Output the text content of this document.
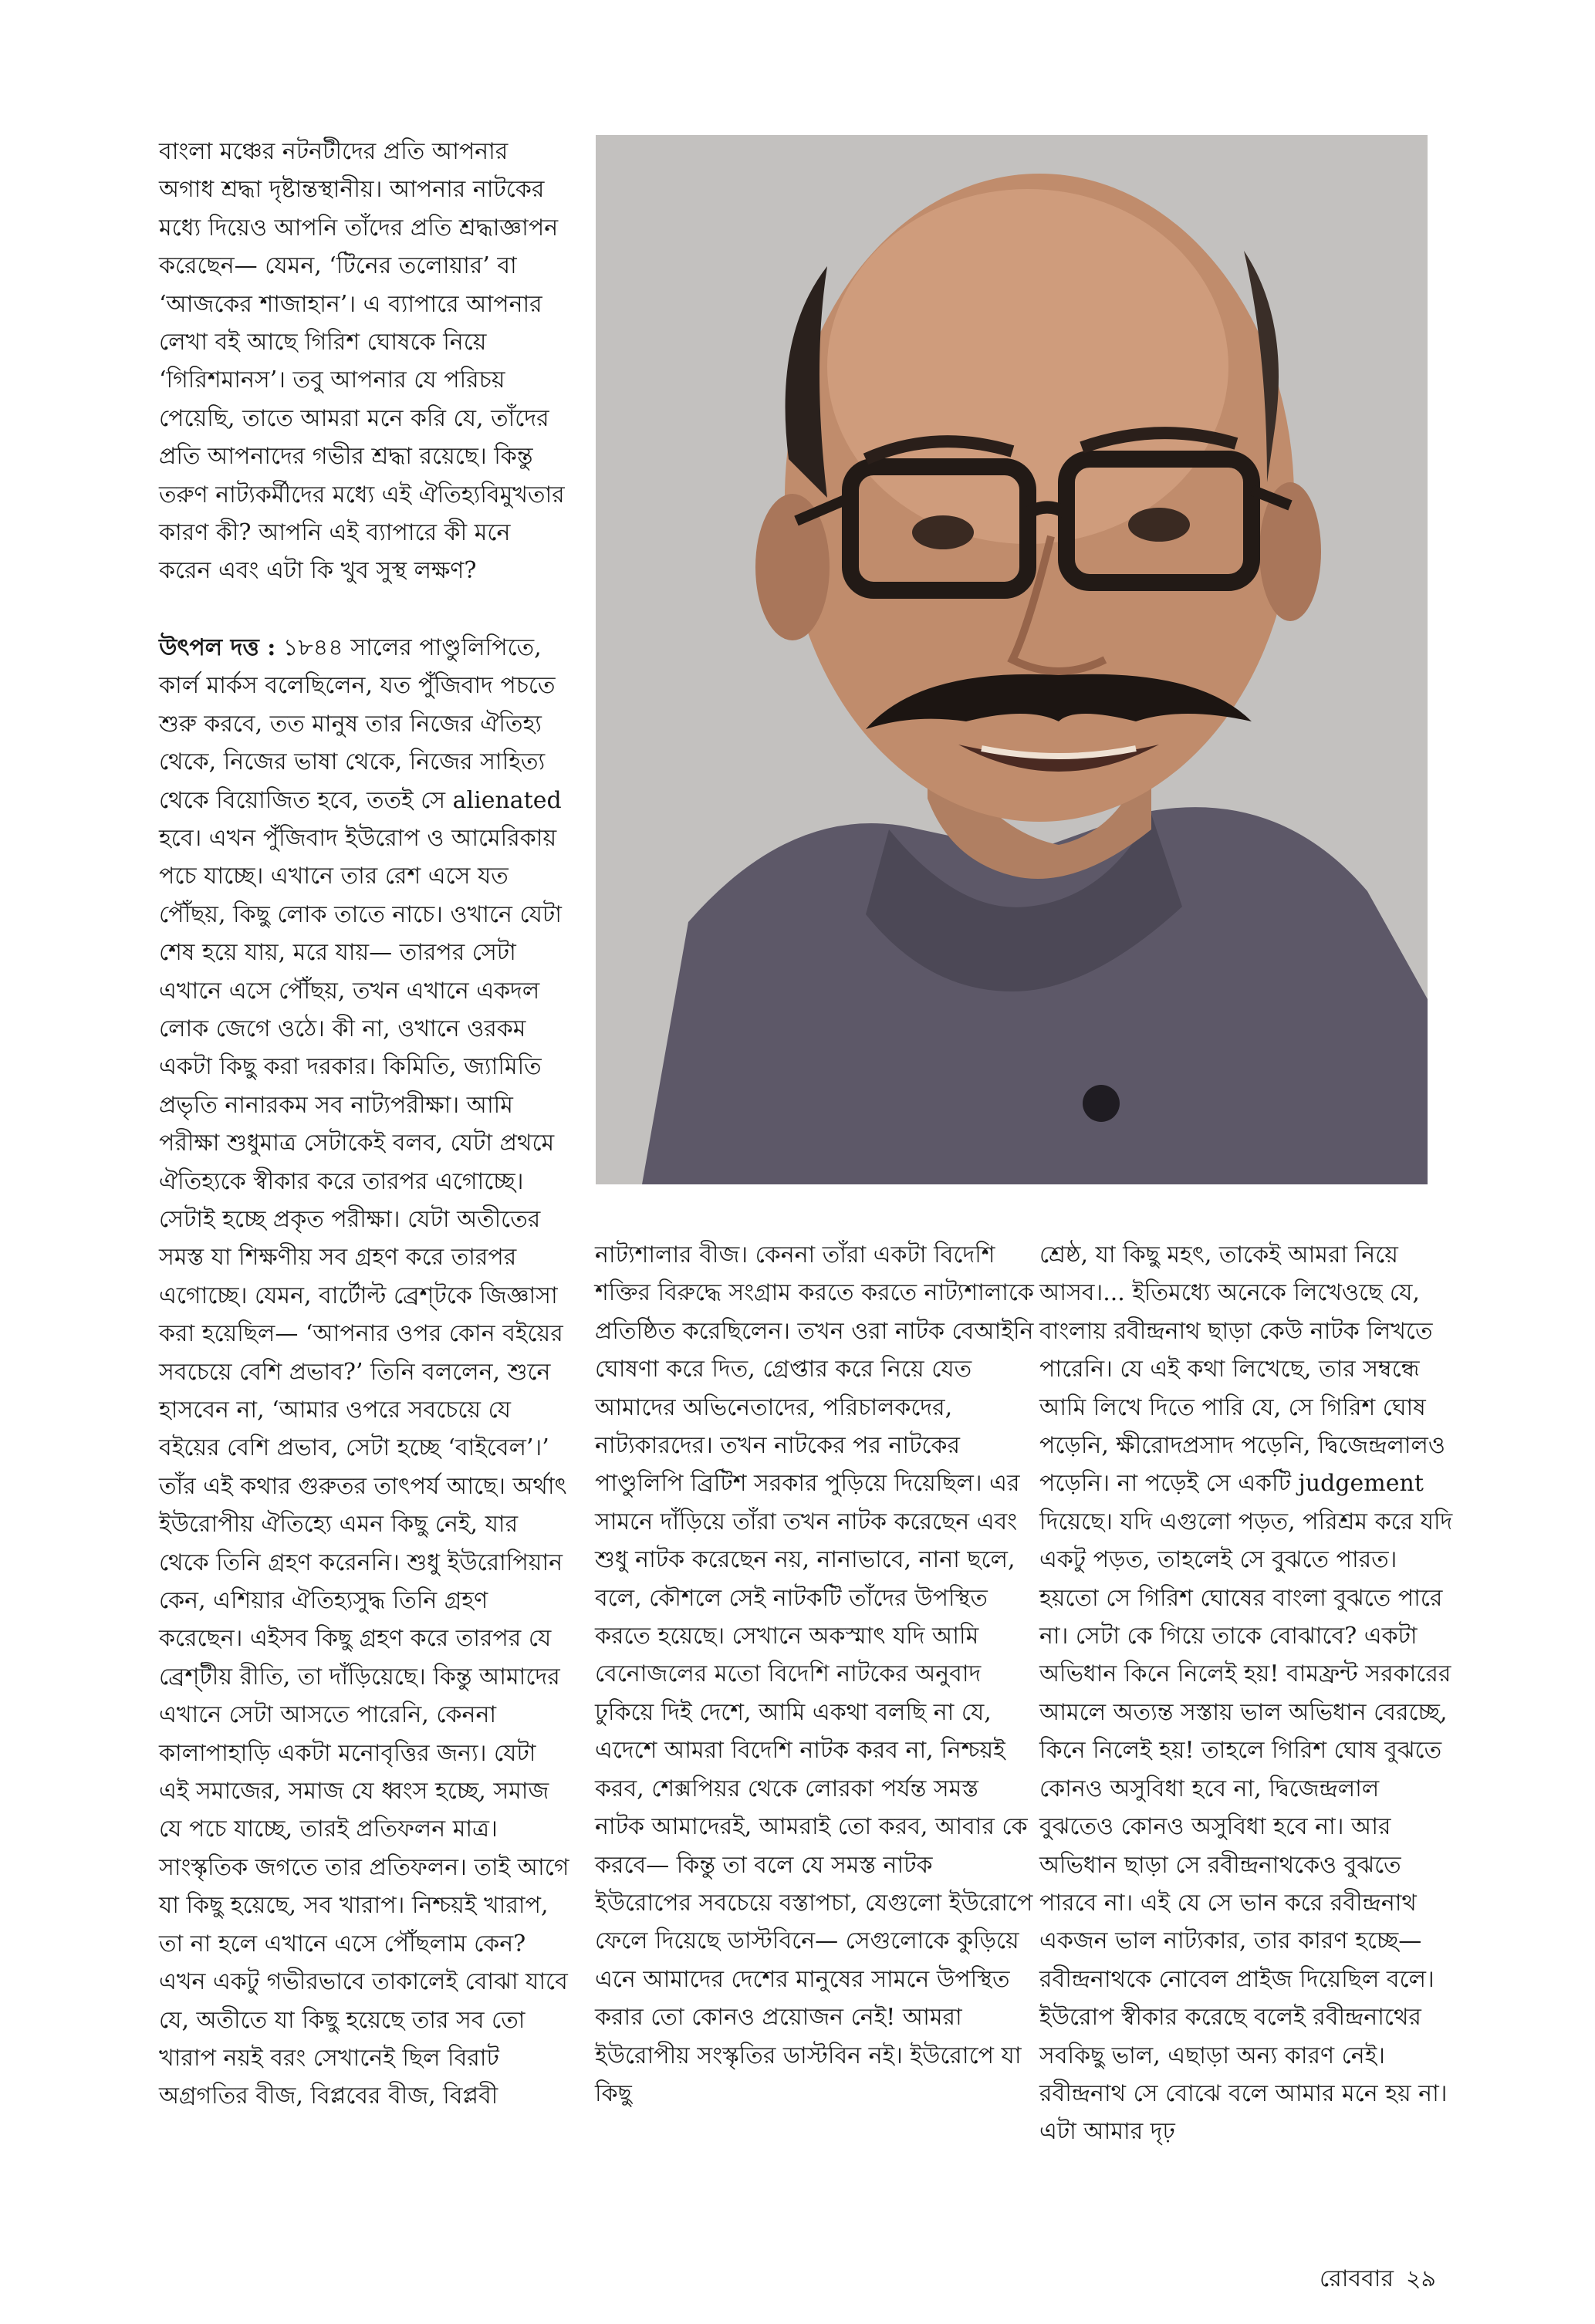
বাংলা মঞ্চের নটনটীদের প্রতি আপনার অগাধ শ্রদ্ধা দৃষ্টান্তস্থানীয়। আপনার নাটকের মধ্যে দিয়েও আপনি তাঁদের প্রতি শ্রদ্ধাজ্ঞাপন করেছেন— যেমন, ‘টিনের তলোয়ার’ বা ‘আজকের শাজাহান’। এ ব্যাপারে আপনার লেখা বই আছে গিরিশ ঘোষকে নিয়ে ‘গিরিশমানস’। তবু আপনার যে পরিচয় পেয়েছি, তাতে আমরা মনে করি যে, তাঁদের প্রতি আপনাদের গভীর শ্রদ্ধা রয়েছে। কিন্তু তরুণ নাট্যকর্মীদের মধ্যে এই ঐতিহ্যবিমুখতার কারণ কী? আপনি এই ব্যাপারে কী মনে করেন এবং এটা কি খুব সুস্থ লক্ষণ?

উৎপল দত্ত : ১৮৪৪ সালের পাণ্ডুলিপিতে, কার্ল মার্কস বলেছিলেন, যত পুঁজিবাদ পচতে শুরু করবে, তত মানুষ তার নিজের ঐতিহ্য থেকে, নিজের ভাষা থেকে, নিজের সাহিত্য থেকে বিয়োজিত হবে, ততই সে alienated হবে। এখন পুঁজিবাদ ইউরোপ ও আমেরিকায় পচে যাচ্ছে। এখানে তার রেশ এসে যত পৌঁছয়, কিছু লোক তাতে নাচে। ওখানে যেটা শেষ হয়ে যায়, মরে যায়— তারপর সেটা এখানে এসে পৌঁছয়, তখন এখানে একদল লোক জেগে ওঠে। কী না, ওখানে ওরকম একটা কিছু করা দরকার। কিমিতি, জ্যামিতি প্রভৃতি নানারকম সব নাট্যপরীক্ষা। আমি পরীক্ষা শুধুমাত্র সেটাকেই বলব, যেটা প্রথমে ঐতিহ্যকে স্বীকার করে তারপর এগোচ্ছে। সেটাই হচ্ছে প্রকৃত পরীক্ষা। যেটা অতীতের সমস্ত যা শিক্ষণীয় সব গ্রহণ করে তারপর এগোচ্ছে। যেমন, বার্টোল্ট ব্রেশ্টকে জিজ্ঞাসা করা হয়েছিল— ‘আপনার ওপর কোন বইয়ের সবচেয়ে বেশি প্রভাব?’ তিনি বললেন, শুনে হাসবেন না, ‘আমার ওপরে সবচেয়ে যে বইয়ের বেশি প্রভাব, সেটা হচ্ছে ‘বাইবেল’।’ তাঁর এই কথার গুরুতর তাৎপর্য আছে। অর্থাৎ ইউরোপীয় ঐতিহ্যে এমন কিছু নেই, যার থেকে তিনি গ্রহণ করেননি। শুধু ইউরোপিয়ান কেন, এশিয়ার ঐতিহ্যসুদ্ধ তিনি গ্রহণ করেছেন। এইসব কিছু গ্রহণ করে তারপর যে ব্রেশ্টীয় রীতি, তা দাঁড়িয়েছে। কিন্তু আমাদের এখানে সেটা আসতে পারেনি, কেননা কালাপাহাড়ি একটা মনোবৃত্তির জন্য। যেটা এই সমাজের, সমাজ যে ধ্বংস হচ্ছে, সমাজ যে পচে যাচ্ছে, তারই প্রতিফলন মাত্র। সাংস্কৃতিক জগতে তার প্রতিফলন। তাই আগে যা কিছু হয়েছে, সব খারাপ। নিশ্চয়ই খারাপ, তা না হলে এখানে এসে পৌঁছলাম কেন? এখন একটু গভীরভাবে তাকালেই বোঝা যাবে যে, অতীতে যা কিছু হয়েছে তার সব তো খারাপ নয়ই বরং সেখানেই ছিল বিরাট অগ্রগতির বীজ, বিপ্লবের বীজ, বিপ্লবী

নাট্যশালার বীজ। কেননা তাঁরা একটা বিদেশি শক্তির বিরুদ্ধে সংগ্রাম করতে করতে নাট্যশালাকে প্রতিষ্ঠিত করেছিলেন। তখন ওরা নাটক বেআইনি ঘোষণা করে দিত, গ্রেপ্তার করে নিয়ে যেত আমাদের অভিনেতাদের, পরিচালকদের, নাট্যকারদের। তখন নাটকের পর নাটকের পাণ্ডুলিপি ব্রিটিশ সরকার পুড়িয়ে দিয়েছিল। এর সামনে দাঁড়িয়ে তাঁরা তখন নাটক করেছেন এবং শুধু নাটক করেছেন নয়, নানাভাবে, নানা ছলে, বলে, কৌশলে সেই নাটকটি তাঁদের উপস্থিত করতে হয়েছে। সেখানে অকস্মাৎ যদি আমি বেনোজলের মতো বিদেশি নাটকের অনুবাদ ঢুকিয়ে দিই দেশে, আমি একথা বলছি না যে, এদেশে আমরা বিদেশি নাটক করব না, নিশ্চয়ই করব, শেক্সপিয়র থেকে লোরকা পর্যন্ত সমস্ত নাটক আমাদেরই, আমরাই তো করব, আবার কে করবে— কিন্তু তা বলে যে সমস্ত নাটক ইউরোপের সবচেয়ে বস্তাপচা, যেগুলো ইউরোপে ফেলে দিয়েছে ডাস্টবিনে— সেগুলোকে কুড়িয়ে এনে আমাদের দেশের মানুষের সামনে উপস্থিত করার তো কোনও প্রয়োজন নেই! আমরা ইউরোপীয় সংস্কৃতির ডাস্টবিন নই। ইউরোপে যা কিছু

শ্রেষ্ঠ, যা কিছু মহৎ, তাকেই আমরা নিয়ে আসব।... ইতিমধ্যে অনেকে লিখেওছে যে, বাংলায় রবীন্দ্রনাথ ছাড়া কেউ নাটক লিখতে পারেনি। যে এই কথা লিখেছে, তার সম্বন্ধে আমি লিখে দিতে পারি যে, সে গিরিশ ঘোষ পড়েনি, ক্ষীরোদপ্রসাদ পড়েনি, দ্বিজেন্দ্রলালও পড়েনি। না পড়েই সে একটি judgement দিয়েছে। যদি এগুলো পড়ত, পরিশ্রম করে যদি একটু পড়ত, তাহলেই সে বুঝতে পারত। হয়তো সে গিরিশ ঘোষের বাংলা বুঝতে পারে না। সেটা কে গিয়ে তাকে বোঝাবে? একটা অভিধান কিনে নিলেই হয়! বামফ্রন্ট সরকারের আমলে অত্যন্ত সস্তায় ভাল অভিধান বেরচ্ছে, কিনে নিলেই হয়! তাহলে গিরিশ ঘোষ বুঝতে কোনও অসুবিধা হবে না, দ্বিজেন্দ্রলাল বুঝতেও কোনও অসুবিধা হবে না। আর অভিধান ছাড়া সে রবীন্দ্রনাথকেও বুঝতে পারবে না। এই যে সে ভান করে রবীন্দ্রনাথ একজন ভাল নাট্যকার, তার কারণ হচ্ছে— রবীন্দ্রনাথকে নোবেল প্রাইজ দিয়েছিল বলে। ইউরোপ স্বীকার করেছে বলেই রবীন্দ্রনাথের সবকিছু ভাল, এছাড়া অন্য কারণ নেই। রবীন্দ্রনাথ সে বোঝে বলে আমার মনে হয় না। এটা আমার দৃঢ়

রোববার ২৯
